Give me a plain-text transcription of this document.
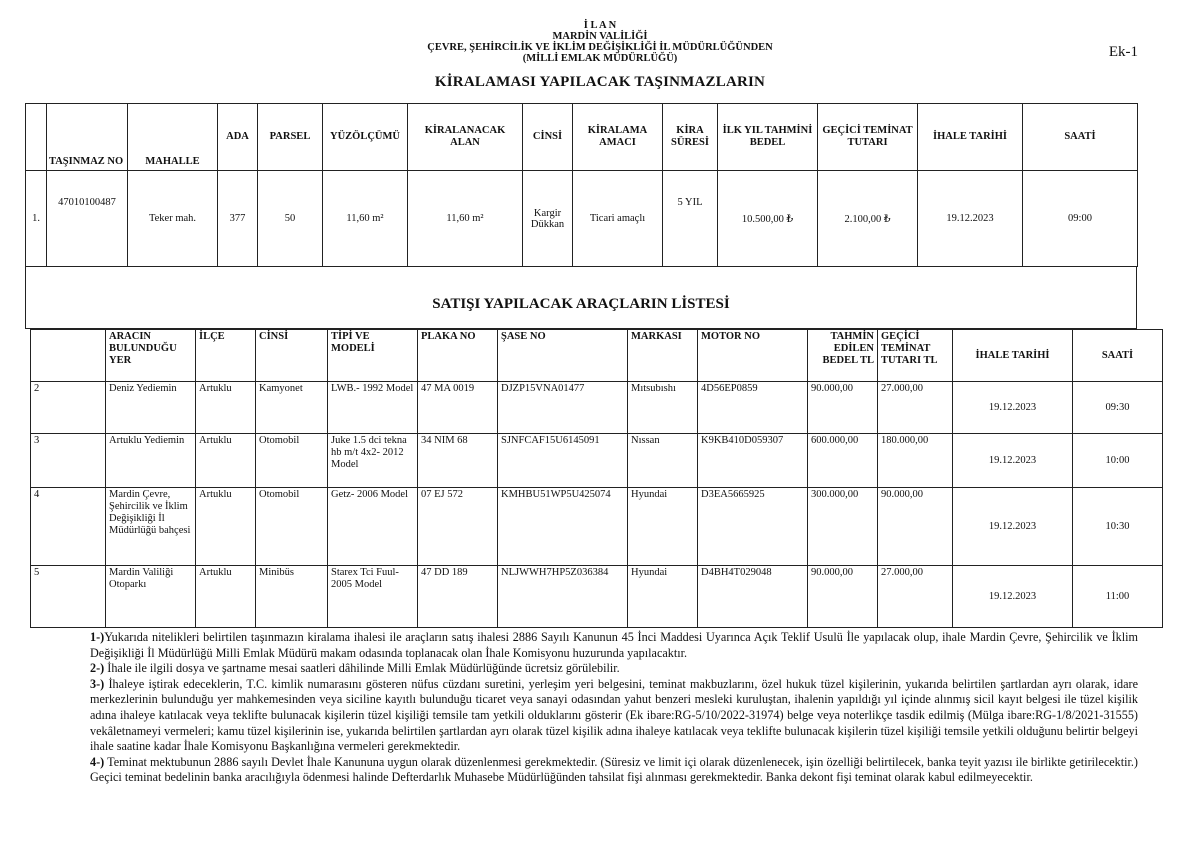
İ L A N
MARDİN VALİLİĞİ
ÇEVRE, ŞEHİRCİLİK VE İKLİM DEĞİŞİKLİĞİ İL MÜDÜRLÜĞÜNDEN
(MİLLİ EMLAK MÜDÜRLÜĞÜ)
KİRALAMASI YAPILACAK TAŞINMAZLARIN
Ek-1
	TAŞINMAZ NO	MAHALLE	ADA	PARSEL	YÜZÖLÇÜMÜ	KİRALANACAK ALAN	CİNSİ	KİRALAMA AMACI	KİRA SÜRESİ	İLK YIL TAHMİNİ BEDEL	GEÇİCİ TEMİNAT TUTARI	İHALE TARİHİ	SAATİ
1.	47010100487	Teker mah.	377	50	11,60 m²	11,60 m²	Kargir Dükkan	Ticari amaçlı	5 YIL	10.500,00 ₺	2.100,00 ₺	19.12.2023	09:00
SATIŞI YAPILACAK ARAÇLARIN LİSTESİ
	ARACIN BULUNDUĞU YER	İLÇE	CİNSİ	TİPİ VE MODELİ	PLAKA NO	ŞASE NO	MARKASI	MOTOR NO	TAHMİN EDİLEN BEDEL TL	GEÇİCİ TEMİNAT TUTARI TL	İHALE TARİHİ	SAATİ
2	Deniz Yediemin	Artuklu	Kamyonet	LWB.- 1992 Model	47 MA 0019	DJZP15VNA01477	Mıtsubıshı	4D56EP0859	90.000,00	27.000,00	19.12.2023	09:30
3	Artuklu Yediemin	Artuklu	Otomobil	Juke 1.5 dci tekna hb m/t 4x2- 2012 Model	34 NIM 68	SJNFCAF15U6145091	Nıssan	K9KB410D059307	600.000,00	180.000,00	19.12.2023	10:00
4	Mardin Çevre, Şehircilik ve İklim Değişikliği İl Müdürlüğü bahçesi	Artuklu	Otomobil	Getz- 2006 Model	07 EJ 572	KMHBU51WP5U425074	Hyundai	D3EA5665925	300.000,00	90.000,00	19.12.2023	10:30
5	Mardin Valiliği Otoparkı	Artuklu	Minibüs	Starex Tci Fuul- 2005 Model	47 DD 189	NLJWWH7HP5Z036384	Hyundai	D4BH4T029048	90.000,00	27.000,00	19.12.2023	11:00

1-)Yukarıda nitelikleri belirtilen taşınmazın kiralama ihalesi ile araçların satış ihalesi 2886 Sayılı Kanunun 45 İnci Maddesi Uyarınca Açık Teklif Usulü İle yapılacak olup, ihale Mardin Çevre, Şehircilik ve İklim Değişikliği İl Müdürlüğü Milli Emlak Müdürü makam odasında toplanacak olan İhale Komisyonu huzurunda yapılacaktır.

2-) İhale ile ilgili dosya ve şartname mesai saatleri dâhilinde Milli Emlak Müdürlüğünde ücretsiz görülebilir.

3-) İhaleye iştirak edeceklerin, T.C. kimlik numarasını gösteren nüfus cüzdanı suretini, yerleşim yeri belgesini, teminat makbuzlarını, özel hukuk tüzel kişilerinin, yukarıda belirtilen şartlardan ayrı olarak, idare merkezlerinin bulunduğu yer mahkemesinden veya siciline kayıtlı bulunduğu ticaret veya sanayi odasından yahut benzeri mesleki kuruluştan, ihalenin yapıldığı yıl içinde alınmış sicil kayıt belgesi ile tüzel kişilik adına ihaleye katılacak veya teklifte bulunacak kişilerin tüzel kişiliği temsile tam yetkili olduklarını gösterir (Ek ibare:RG-5/10/2022-31974) belge veya noterlikçe tasdik edilmiş (Mülga ibare:RG-1/8/2021-31555) vekâletnameyi vermeleri; kamu tüzel kişilerinin ise, yukarıda belirtilen şartlardan ayrı olarak tüzel kişilik adına ihaleye katılacak veya teklifte bulunacak kişilerin tüzel kişiliği temsile yetkili olduğunu belirtir belgeyi ihale saatine kadar İhale Komisyonu Başkanlığına vermeleri gerekmektedir.

4-) Teminat mektubunun 2886 sayılı Devlet İhale Kanununa uygun olarak düzenlenmesi gerekmektedir. (Süresiz ve limit içi olarak düzenlenecek, işin özelliği belirtilecek, banka teyit yazısı ile birlikte getirilecektir.) Geçici teminat bedelinin banka aracılığıyla ödenmesi halinde Defterdarlık Muhasebe Müdürlüğünden tahsilat fişi alınması gerekmektedir. Banka dekont fişi teminat olarak kabul edilmeyecektir.
